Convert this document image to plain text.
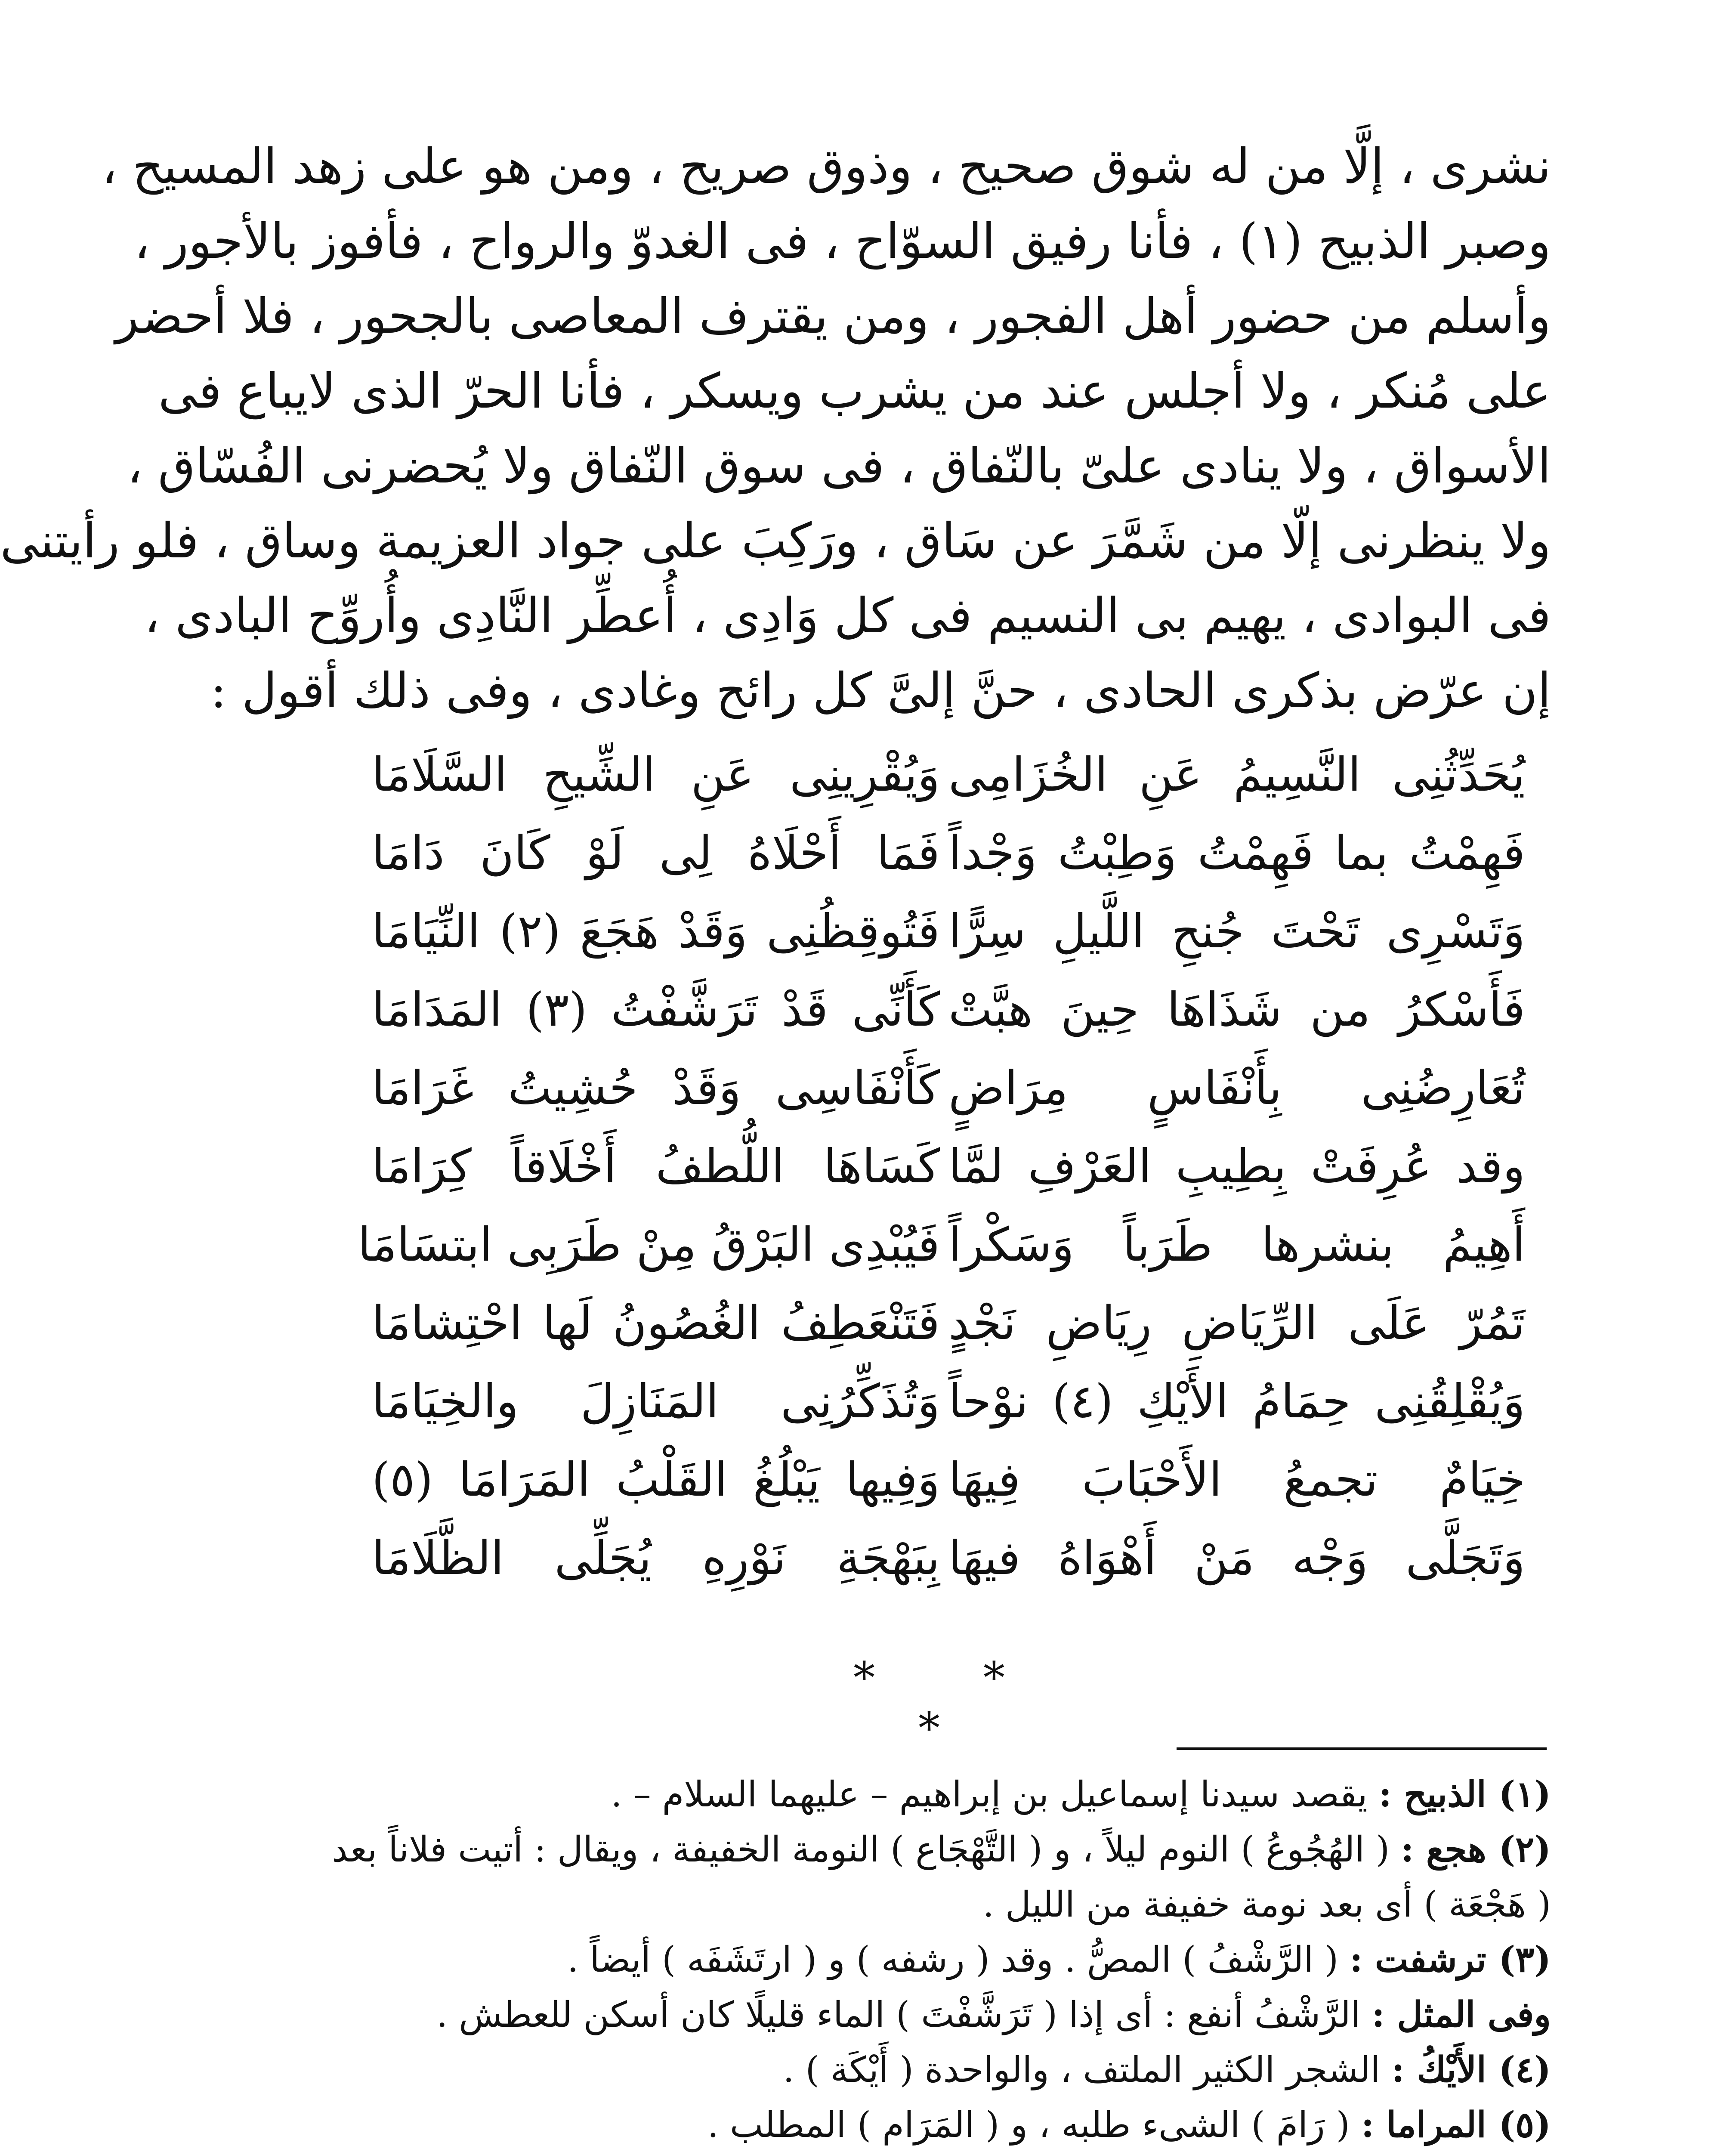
نشرى ، إلَّا من له شوق صحيح ، وذوق صريح ، ومن هو على زهد المسيح ،
وصبر الذبيح (١) ، فأنا رفيق السوّاح ، فى الغدوّ والرواح ، فأفوز بالأجور ،
وأسلم من حضور أهل الفجور ، ومن يقترف المعاصى بالجحور ، فلا أحضر
على مُنكر ، ولا أجلس عند من يشرب ويسكر ، فأنا الحرّ الذى لايباع فى
الأسواق ، ولا ينادى علىّ بالنّفاق ، فى سوق النّفاق ولا يُحضرنى الفُسّاق ،
ولا ينظرنى إلّا من شَمَّرَ عن سَاق ، ورَكِبَ على جواد العزيمة وساق ، فلو رأيتنى
فى البوادى ، يهيم بى النسيم فى كل وَادِى ، أُعطِّر النَّادِى وأُروِّح البادى ،
إن عرّض بذكرى الحادى ، حنَّ إلىَّ كل رائح وغادى ، وفى ذلك أقول :
يُحَدِّثُنِى النَّسِيمُ عَنِ الخُزَامِى
وَيُقْرِينِى عَنِ الشِّيحِ السَّلَامَا
فَهِمْتُ بما فَهِمْتُ وَطِبْتُ وَجْداً
فَمَا أَحْلَاهُ لِى لَوْ كَانَ دَامَا
وَتَسْرِى تَحْتَ جُنحِ اللَّيلِ سِرًّا
فَتُوقِظُنِى وَقَدْ هَجَعَ (٢) النِّيَامَا
فَأَسْكرُ من شَذَاهَا حِينَ هبَّتْ
كَأَنِّى قَدْ تَرَشَّفْتُ (٣) المَدَامَا
تُعَارِضُنِى بِأَنْفَاسٍ مِرَاضٍ
كَأَنْفَاسِى وَقَدْ حُشِيتُ غَرَامَا
وقد عُرِفَتْ بِطِيبِ العَرْفِ لمَّا
كَسَاهَا اللُّطفُ أَخْلَاقاً كِرَامَا
أَهِيمُ بنشرها طَرَباً وَسَكْراً
فَيُبْدِى البَرْقُ مِنْ طَرَبِى ابتسَامَا
تَمُرّ عَلَى الرِّيَاضِ رِيَاضِ نَجْدٍ
فَتَنْعَطِفُ الغُصُونُ لَها احْتِشامَا
وَيُقْلِقُنِى حِمَامُ الأَيْكِ (٤) نوْحاً
وَتُذَكِّرُنِى المَنَازِلَ والخِيَامَا
خِيَامٌ تجمعُ الأَحْبَابَ فِيهَا
وَفِيها يَبْلُغُ القَلْبُ المَرَامَا (٥)
وَتَجَلَّى وَجْه مَنْ أَهْوَاهُ فيهَا
بِبَهْجَةِ نَوْرِهِ يُجَلِّى الظَّلَامَا
* * *
(١) الذبيح : يقصد سيدنا إسماعيل بن إبراهيم – عليهما السلام – .
(٢) هجع : ( الهُجُوعُ ) النوم ليلاً ، و ( التَّهْجَاع ) النومة الخفيفة ، ويقال : أتيت فلاناً بعد
( هَجْعَة ) أى بعد نومة خفيفة من الليل .
(٣) ترشفت : ( الرَّشْفُ ) المصُّ . وقد ( رشفه ) و ( ارتَشَفَه ) أيضاً .
وفى المثل : الرَّشْفُ أنفع : أى إذا ( تَرَشَّفْتَ ) الماء قليلًا كان أسكن للعطش .
(٤) الأَيْكُ : الشجر الكثير الملتف ، والواحدة ( أَيْكَة ) .
(٥) المراما : ( رَامَ ) الشىء طلبه ، و ( المَرَام ) المطلب .
